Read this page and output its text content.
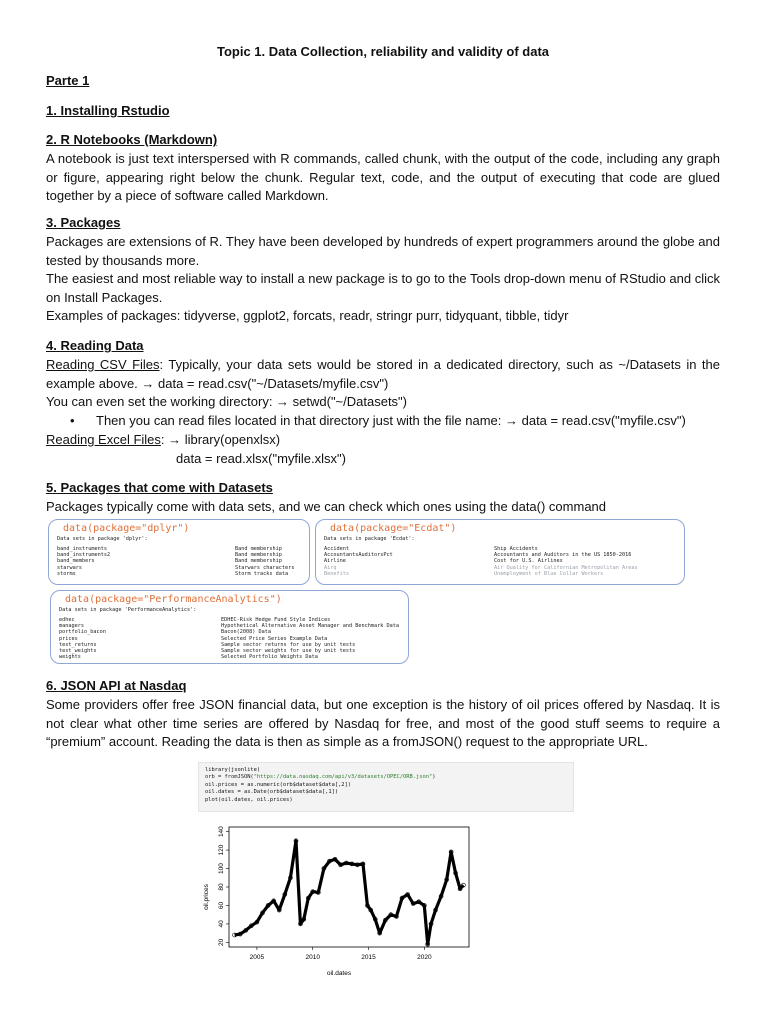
Topic 1. Data Collection, reliability and validity of data
Parte 1
1. Installing Rstudio
2. R Notebooks (Markdown)
A notebook is just text interspersed with R commands, called chunk, with the output of the code, including any graph or figure, appearing right below the chunk. Regular text, code, and the output of executing that code are glued together by a piece of software called Markdown.
3. Packages
Packages are extensions of R. They have been developed by hundreds of expert programmers around the globe and tested by thousands more.
The easiest and most reliable way to install a new package is to go to the Tools drop-down menu of RStudio and click on Install Packages.
Examples of packages: tidyverse, ggplot2, forcats, readr, stringr purr, tidyquant, tibble, tidyr
4. Reading Data
Reading CSV Files: Typically, your data sets would be stored in a dedicated directory, such as ~/Datasets in the example above. → data = read.csv("~/Datasets/myfile.csv")
You can even set the working directory: → setwd("~/Datasets")
• Then you can read files located in that directory just with the file name: → data = read.csv("myfile.csv")
Reading Excel Files: → library(openxlsx)
data = read.xlsx("myfile.xlsx")
5. Packages that come with Datasets
Packages typically come with data sets, and we can check which ones using the data() command
data(package="dplyr")
Data sets in package 'dplyr':
band_instruments	Band membership
band_instruments2	Band membership
band_members	Band membership
starwars	Starwars characters
storms	Storm tracks data
data(package="Ecdat")
Data sets in package 'Ecdat':
Accident	Ship Accidents
AccountantsAuditorsPct	Accountants and Auditors in the US 1850-2016
Airline	Cost for U.S. Airlines
Airq	Air Quality for Californian Metropolitan Areas
Benefits	Unemployment of Blue Collar Workers
data(package="PerformanceAnalytics")
Data sets in package 'PerformanceAnalytics':
edhec	EDHEC-Risk Hedge Fund Style Indices
managers	Hypothetical Alternative Asset Manager and Benchmark Data
portfolio_bacon	Bacon(2008) Data
prices	Selected Price Series Example Data
test_returns	Sample sector returns for use by unit tests
test_weights	Sample sector weights for use by unit tests
weights	Selected Portfolio Weights Data
6. JSON API at Nasdaq
Some providers offer free JSON financial data, but one exception is the history of oil prices offered by Nasdaq. It is not clear what other time series are offered by Nasdaq for free, and most of the good stuff seems to require a “premium” account. Reading the data is then as simple as a fromJSON() request to the appropriate URL.
library(jsonlite)
orb = fromJSON("https://data.nasdaq.com/api/v3/datasets/OPEC/ORB.json")
oil.prices = as.numeric(orb$dataset$data[,2])
oil.dates = as.Date(orb$dataset$data[,1])
plot(oil.dates, oil.prices)
2005	2010	2015	2020
20
40
60
80
100
120
140
oil.dates
oil.prices
